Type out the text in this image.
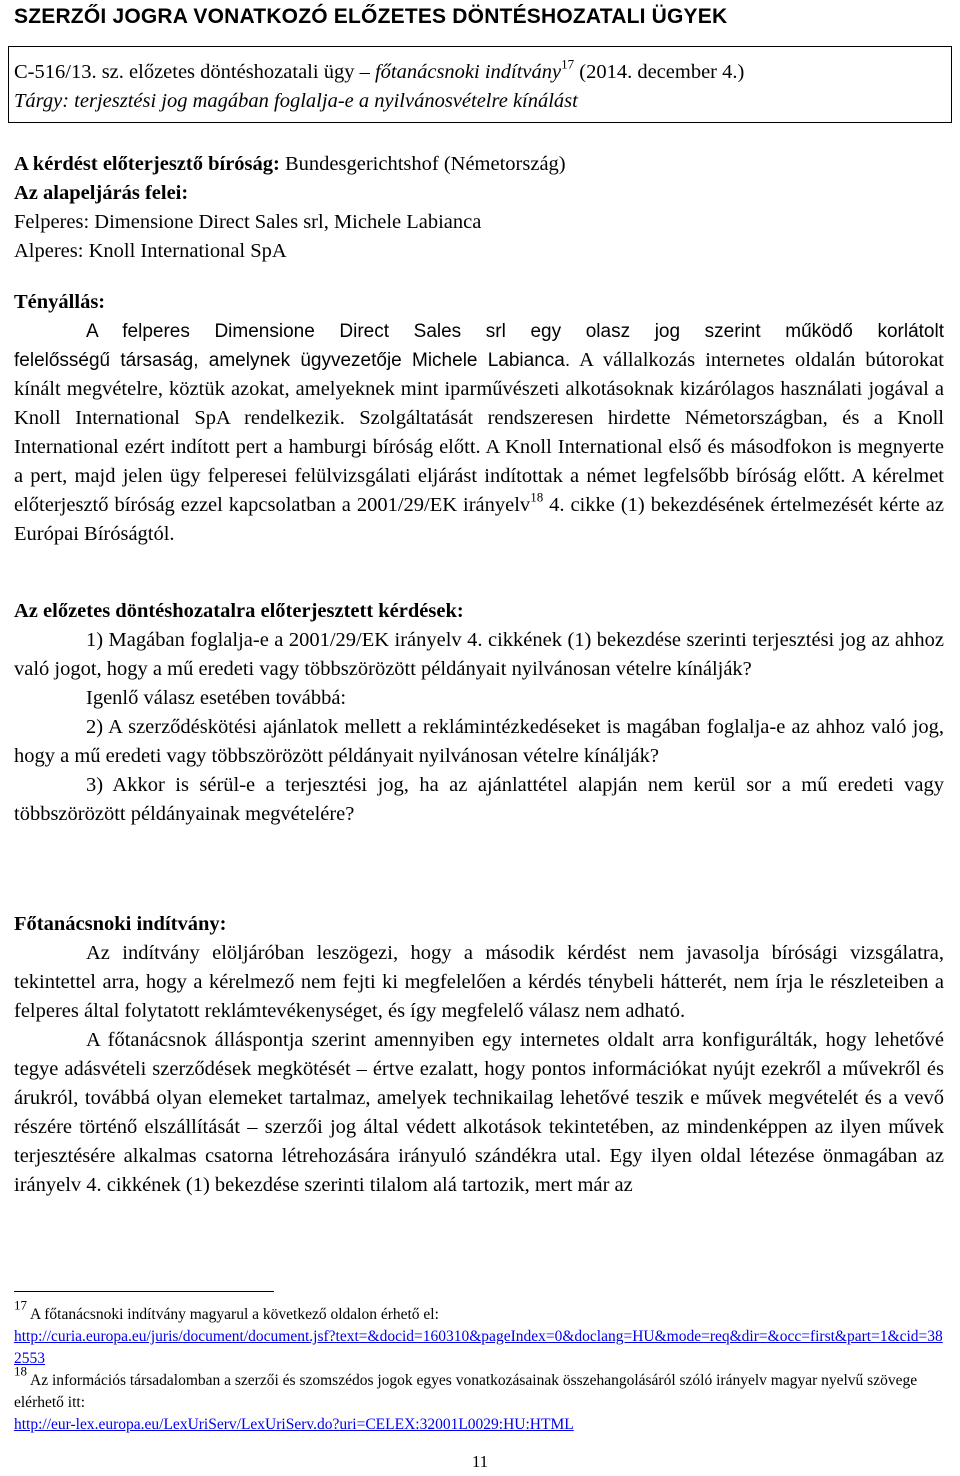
SZERZŐI JOGRA VONATKOZÓ ELŐZETES DÖNTÉSHOZATALI ÜGYEK
C-516/13. sz. előzetes döntéshozatali ügy – főtanácsnoki indítvány$^{17}$ (2014. december 4.)
Tárgy: terjesztési jog magában foglalja-e a nyilvánosvételre kínálást
A kérdést előterjesztő bíróság: Bundesgerichtshof (Németország)
Az alapeljárás felei:
Felperes: Dimensione Direct Sales srl, Michele Labianca
Alperes: Knoll International SpA
Tényállás:
A felperes Dimensione Direct Sales srl egy olasz jog szerint működő korlátolt
felelősségű társaság, amelynek ügyvezetője Michele Labianca. A vállalkozás internetes oldalán bútorokat kínált megvételre, köztük azokat, amelyeknek mint iparművészeti alkotásoknak kizárólagos használati jogával a Knoll International SpA rendelkezik. Szolgáltatását rendszeresen hirdette Németországban, és a Knoll International ezért indított pert a hamburgi bíróság előtt. A Knoll International első és másodfokon is megnyerte a pert, majd jelen ügy felperesei felülvizsgálati eljárást indítottak a német legfelsőbb bíróság előtt. A kérelmet előterjesztő bíróság ezzel kapcsolatban a 2001/29/EK irányelv$^{18}$ 4. cikke (1) bekezdésének értelmezését kérte az Európai Bíróságtól.
Az előzetes döntéshozatalra előterjesztett kérdések:

1) Magában foglalja-e a 2001/29/EK irányelv 4. cikkének (1) bekezdése szerinti terjesztési jog az ahhoz való jogot, hogy a mű eredeti vagy többszörözött példányait nyilvánosan vételre kínálják?

Igenlő válasz esetében továbbá:

2) A szerződéskötési ajánlatok mellett a reklámintézkedéseket is magában foglalja-e az ahhoz való jog, hogy a mű eredeti vagy többszörözött példányait nyilvánosan vételre kínálják?

3) Akkor is sérül-e a terjesztési jog, ha az ajánlattétel alapján nem kerül sor a mű eredeti vagy többszörözött példányainak megvételére?

Főtanácsnoki indítvány:

Az indítvány elöljáróban leszögezi, hogy a második kérdést nem javasolja bírósági vizsgálatra, tekintettel arra, hogy a kérelmező nem fejti ki megfelelően a kérdés ténybeli hátterét, nem írja le részleteiben a felperes által folytatott reklámtevékenységet, és így megfelelő válasz nem adható.

A főtanácsnok álláspontja szerint amennyiben egy internetes oldalt arra konfigurálták, hogy lehetővé tegye adásvételi szerződések megkötését – értve ezalatt, hogy pontos információkat nyújt ezekről a művekről és árukról, továbbá olyan elemeket tartalmaz, amelyek technikailag lehetővé teszik e művek megvételét és a vevő részére történő elszállítását – szerzői jog által védett alkotások tekintetében, az mindenképpen az ilyen művek terjesztésére alkalmas csatorna létrehozására irányuló szándékra utal. Egy ilyen oldal létezése önmagában az irányelv 4. cikkének (1) bekezdése szerinti tilalom alá tartozik, mert már az

$^{17}$ A főtanácsnoki indítvány magyarul a következő oldalon érhető el:
http://curia.europa.eu/juris/document/document.jsf?text=&docid=160310&pageIndex=0&doclang=HU&mode=req&dir=&occ=first&part=1&cid=382553
$^{18}$ Az információs társadalomban a szerzői és szomszédos jogok egyes vonatkozásainak összehangolásáról szóló irányelv magyar nyelvű szövege elérhető itt:
http://eur-lex.europa.eu/LexUriServ/LexUriServ.do?uri=CELEX:32001L0029:HU:HTML
11
